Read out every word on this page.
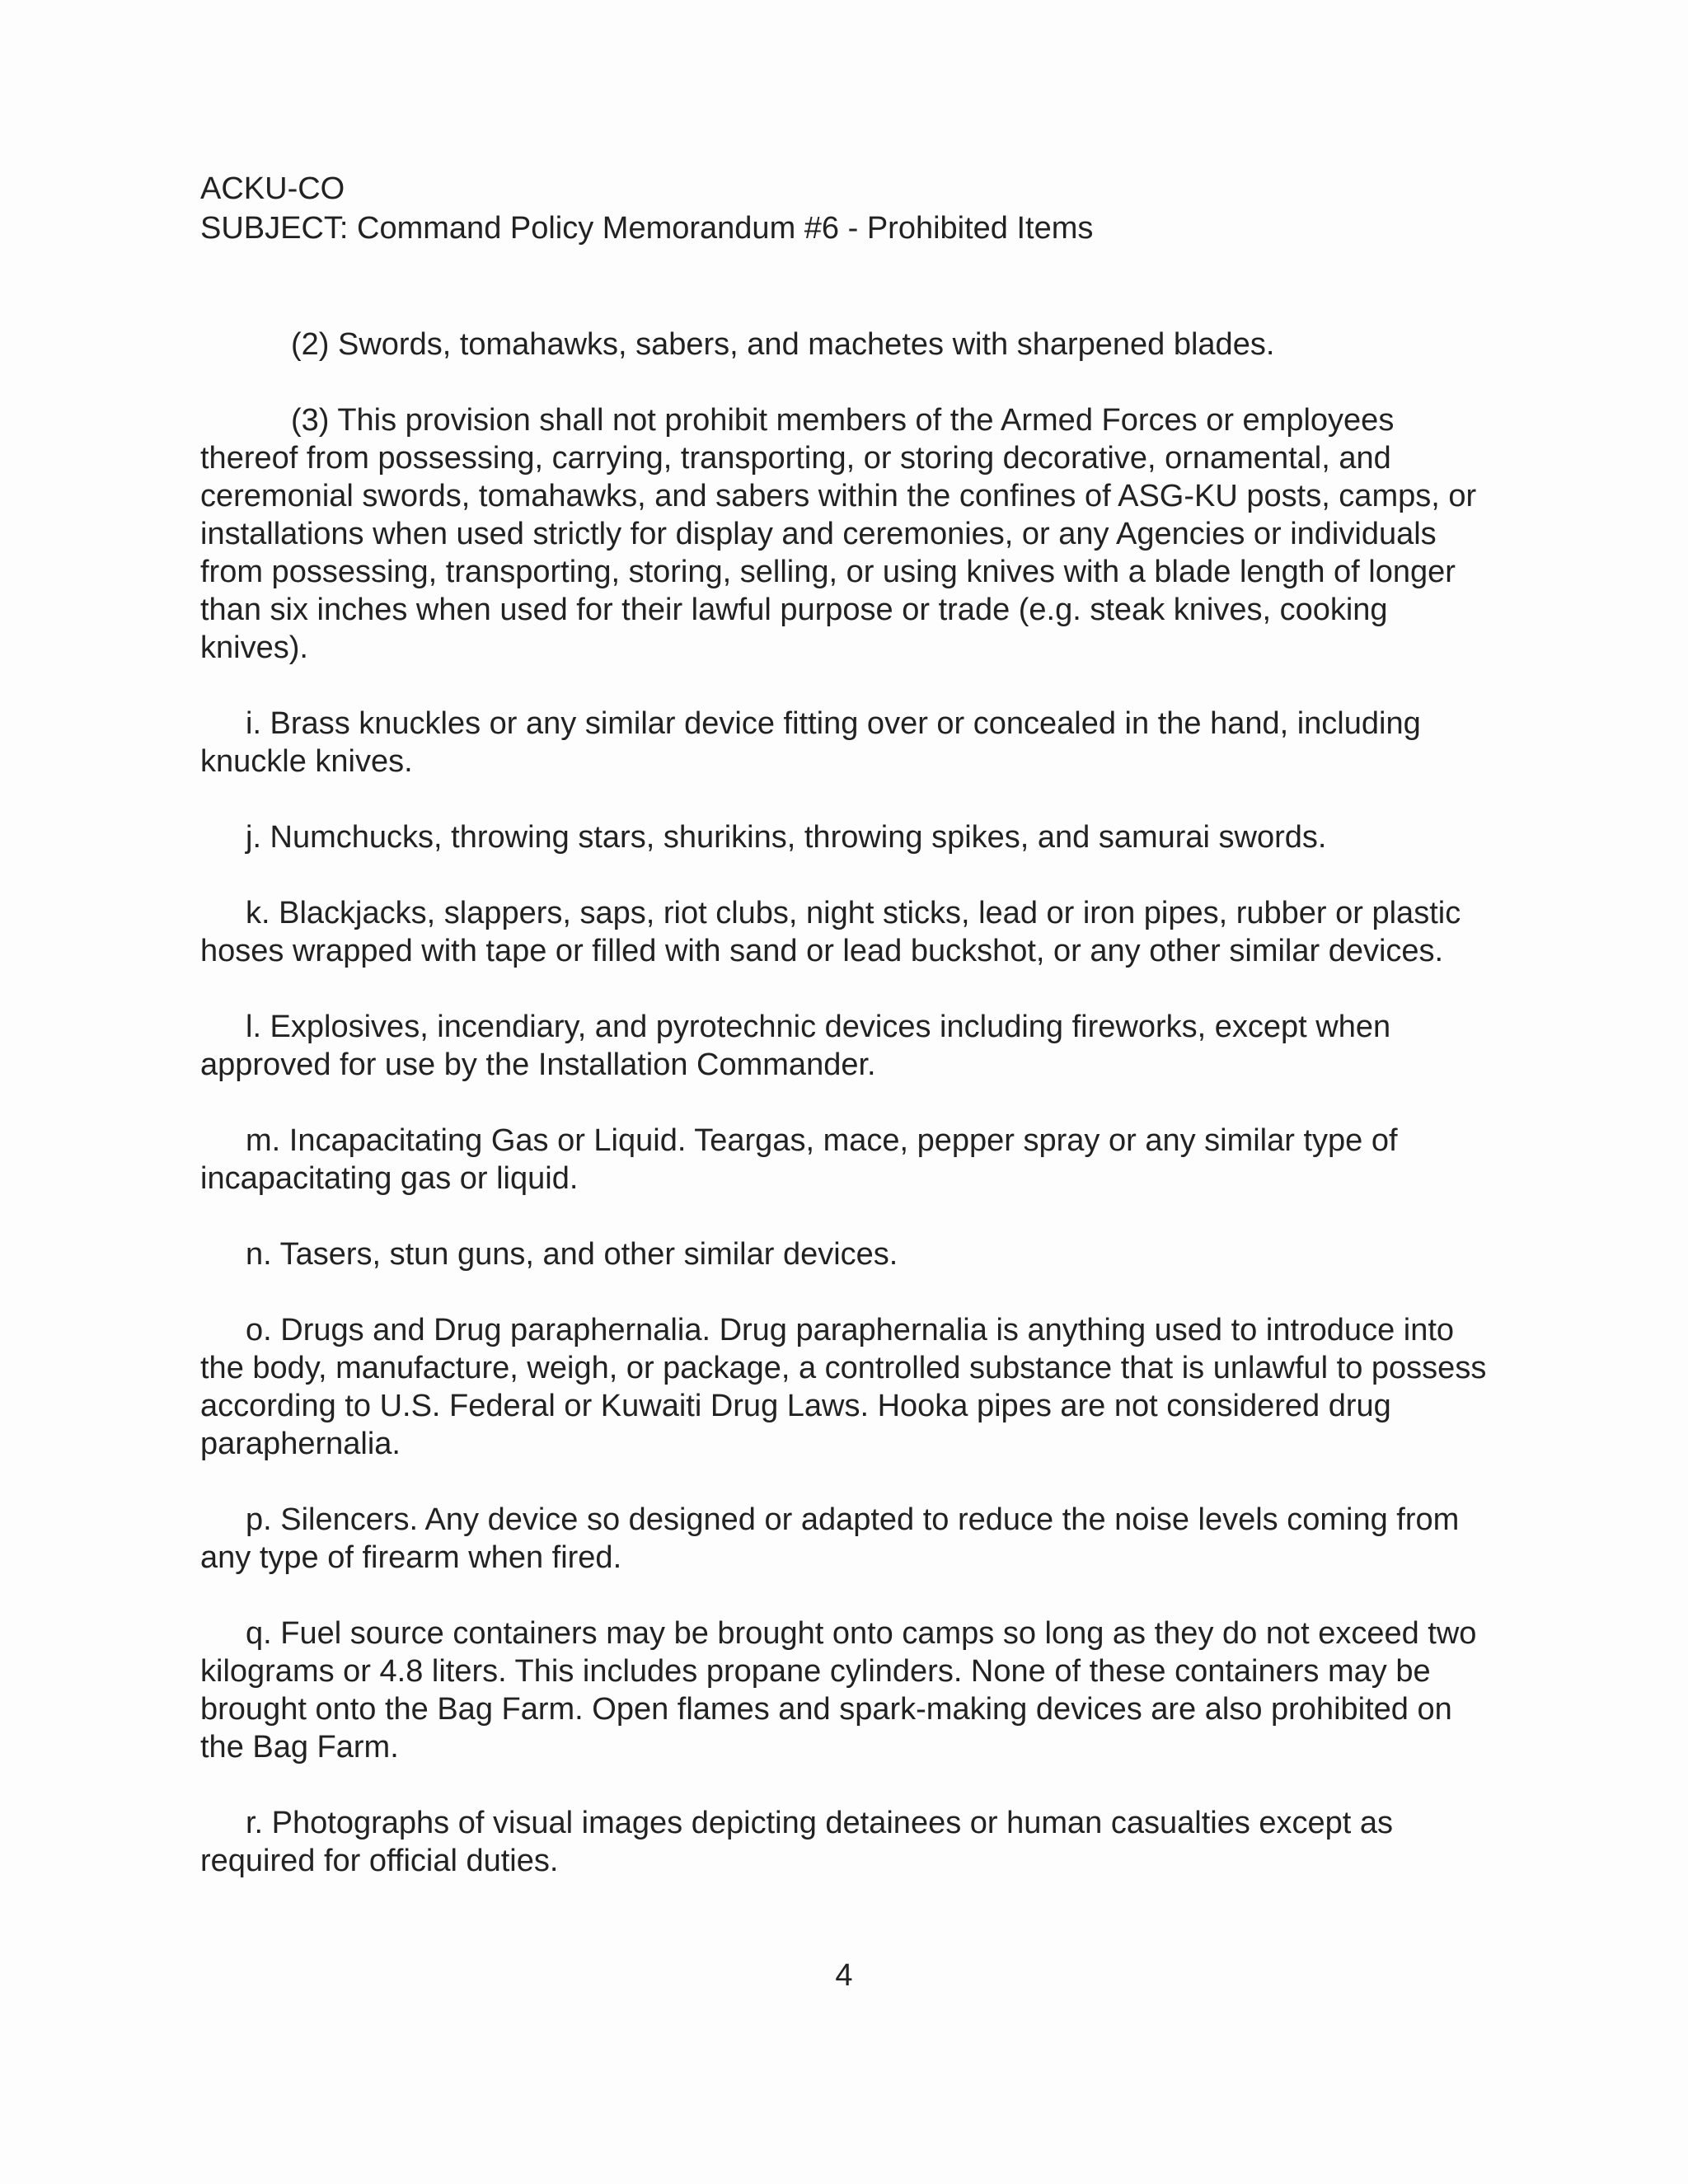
ACKU-CO
SUBJECT: Command Policy Memorandum #6 - Prohibited Items

(2) Swords, tomahawks, sabers, and machetes with sharpened blades.

(3) This provision shall not prohibit members of the Armed Forces or employees thereof from possessing, carrying, transporting, or storing decorative, ornamental, and ceremonial swords, tomahawks, and sabers within the confines of ASG-KU posts, camps, or installations when used strictly for display and ceremonies, or any Agencies or individuals from possessing, transporting, storing, selling, or using knives with a blade length of longer than six inches when used for their lawful purpose or trade (e.g. steak knives, cooking knives).

i. Brass knuckles or any similar device fitting over or concealed in the hand, including knuckle knives.

j. Numchucks, throwing stars, shurikins, throwing spikes, and samurai swords.

k. Blackjacks, slappers, saps, riot clubs, night sticks, lead or iron pipes, rubber or plastic hoses wrapped with tape or filled with sand or lead buckshot, or any other similar devices.

l. Explosives, incendiary, and pyrotechnic devices including fireworks, except when approved for use by the Installation Commander.

m. Incapacitating Gas or Liquid. Teargas, mace, pepper spray or any similar type of incapacitating gas or liquid.

n. Tasers, stun guns, and other similar devices.

o. Drugs and Drug paraphernalia. Drug paraphernalia is anything used to introduce into the body, manufacture, weigh, or package, a controlled substance that is unlawful to possess according to U.S. Federal or Kuwaiti Drug Laws. Hooka pipes are not considered drug paraphernalia.

p. Silencers. Any device so designed or adapted to reduce the noise levels coming from any type of firearm when fired.

q. Fuel source containers may be brought onto camps so long as they do not exceed two kilograms or 4.8 liters. This includes propane cylinders. None of these containers may be brought onto the Bag Farm. Open flames and spark-making devices are also prohibited on the Bag Farm.

r. Photographs of visual images depicting detainees or human casualties except as required for official duties.

4
